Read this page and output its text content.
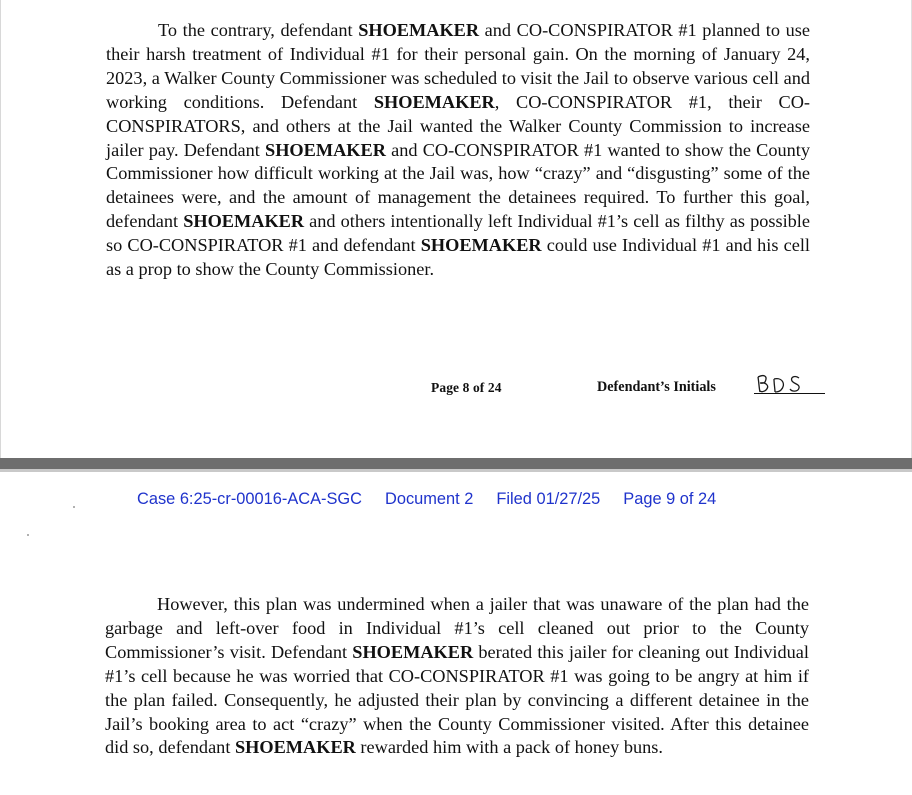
To the contrary, defendant SHOEMAKER and CO-CONSPIRATOR #1 planned to use their harsh treatment of Individual #1 for their personal gain. On the morning of January 24, 2023, a Walker County Commissioner was scheduled to visit the Jail to observe various cell and working conditions. Defendant SHOEMAKER, CO-CONSPIRATOR #1, their CO-CONSPIRATORS, and others at the Jail wanted the Walker County Commission to increase jailer pay. Defendant SHOEMAKER and CO-CONSPIRATOR #1 wanted to show the County Commissioner how difficult working at the Jail was, how “crazy” and “disgusting” some of the detainees were, and the amount of management the detainees required. To further this goal, defendant SHOEMAKER and others intentionally left Individual #1’s cell as filthy as possible so CO-CONSPIRATOR #1 and defendant SHOEMAKER could use Individual #1 and his cell as a prop to show the County Commissioner.

Page 8 of 24	Defendant’s Initials
Case 6:25-cr-00016-ACA-SGC Document 2 Filed 01/27/25 Page 9 of 24

However, this plan was undermined when a jailer that was unaware of the plan had the garbage and left-over food in Individual #1’s cell cleaned out prior to the County Commissioner’s visit. Defendant SHOEMAKER berated this jailer for cleaning out Individual #1’s cell because he was worried that CO-CONSPIRATOR #1 was going to be angry at him if the plan failed. Consequently, he adjusted their plan by convincing a different detainee in the Jail’s booking area to act “crazy” when the County Commissioner visited. After this detainee did so, defendant SHOEMAKER rewarded him with a pack of honey buns.
